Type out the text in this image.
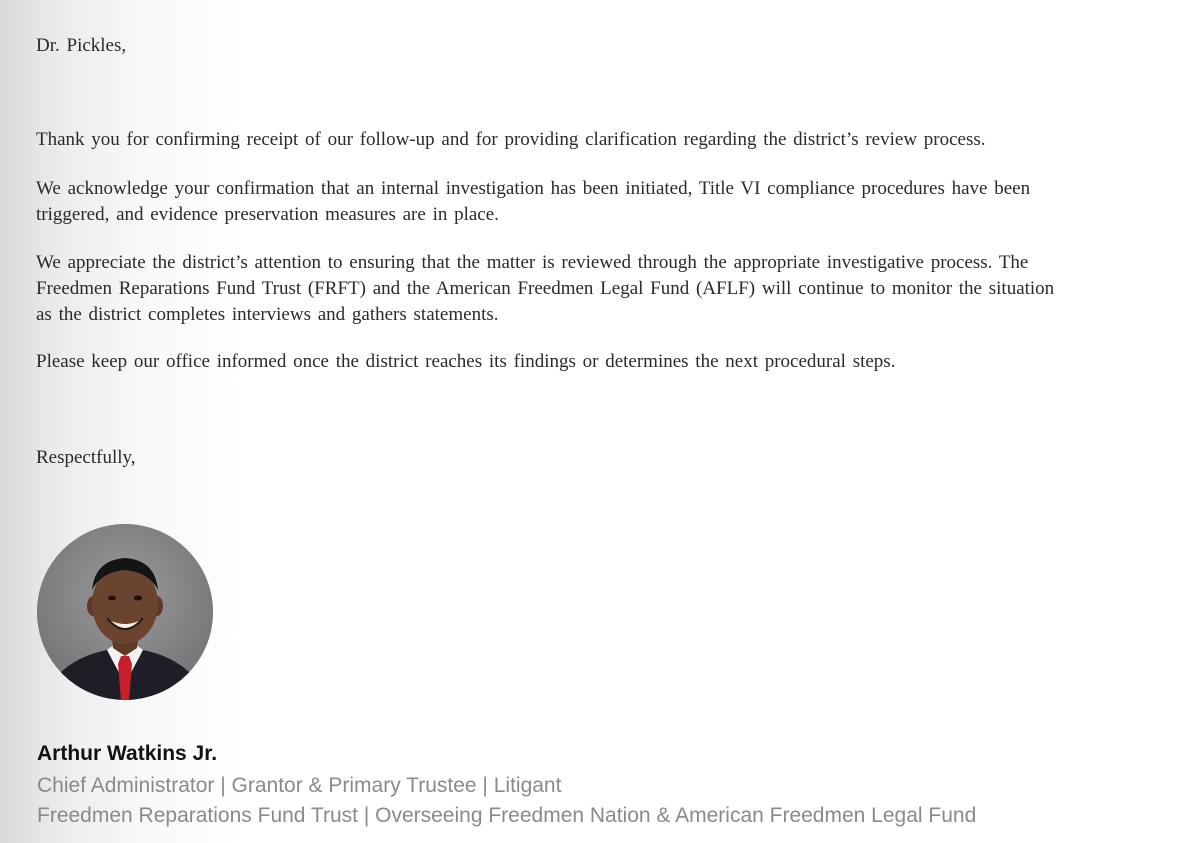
Dr. Pickles,

Thank you for confirming receipt of our follow-up and for providing clarification regarding the district’s review process.

We acknowledge your confirmation that an internal investigation has been initiated, Title VI compliance procedures have been
triggered, and evidence preservation measures are in place.

We appreciate the district’s attention to ensuring that the matter is reviewed through the appropriate investigative process. The
Freedmen Reparations Fund Trust (FRFT) and the American Freedmen Legal Fund (AFLF) will continue to monitor the situation
as the district completes interviews and gathers statements.

Please keep our office informed once the district reaches its findings or determines the next procedural steps.

Respectfully,

Arthur Watkins Jr.

Chief Administrator | Grantor & Primary Trustee | Litigant

Freedmen Reparations Fund Trust | Overseeing Freedmen Nation & American Freedmen Legal Fund
